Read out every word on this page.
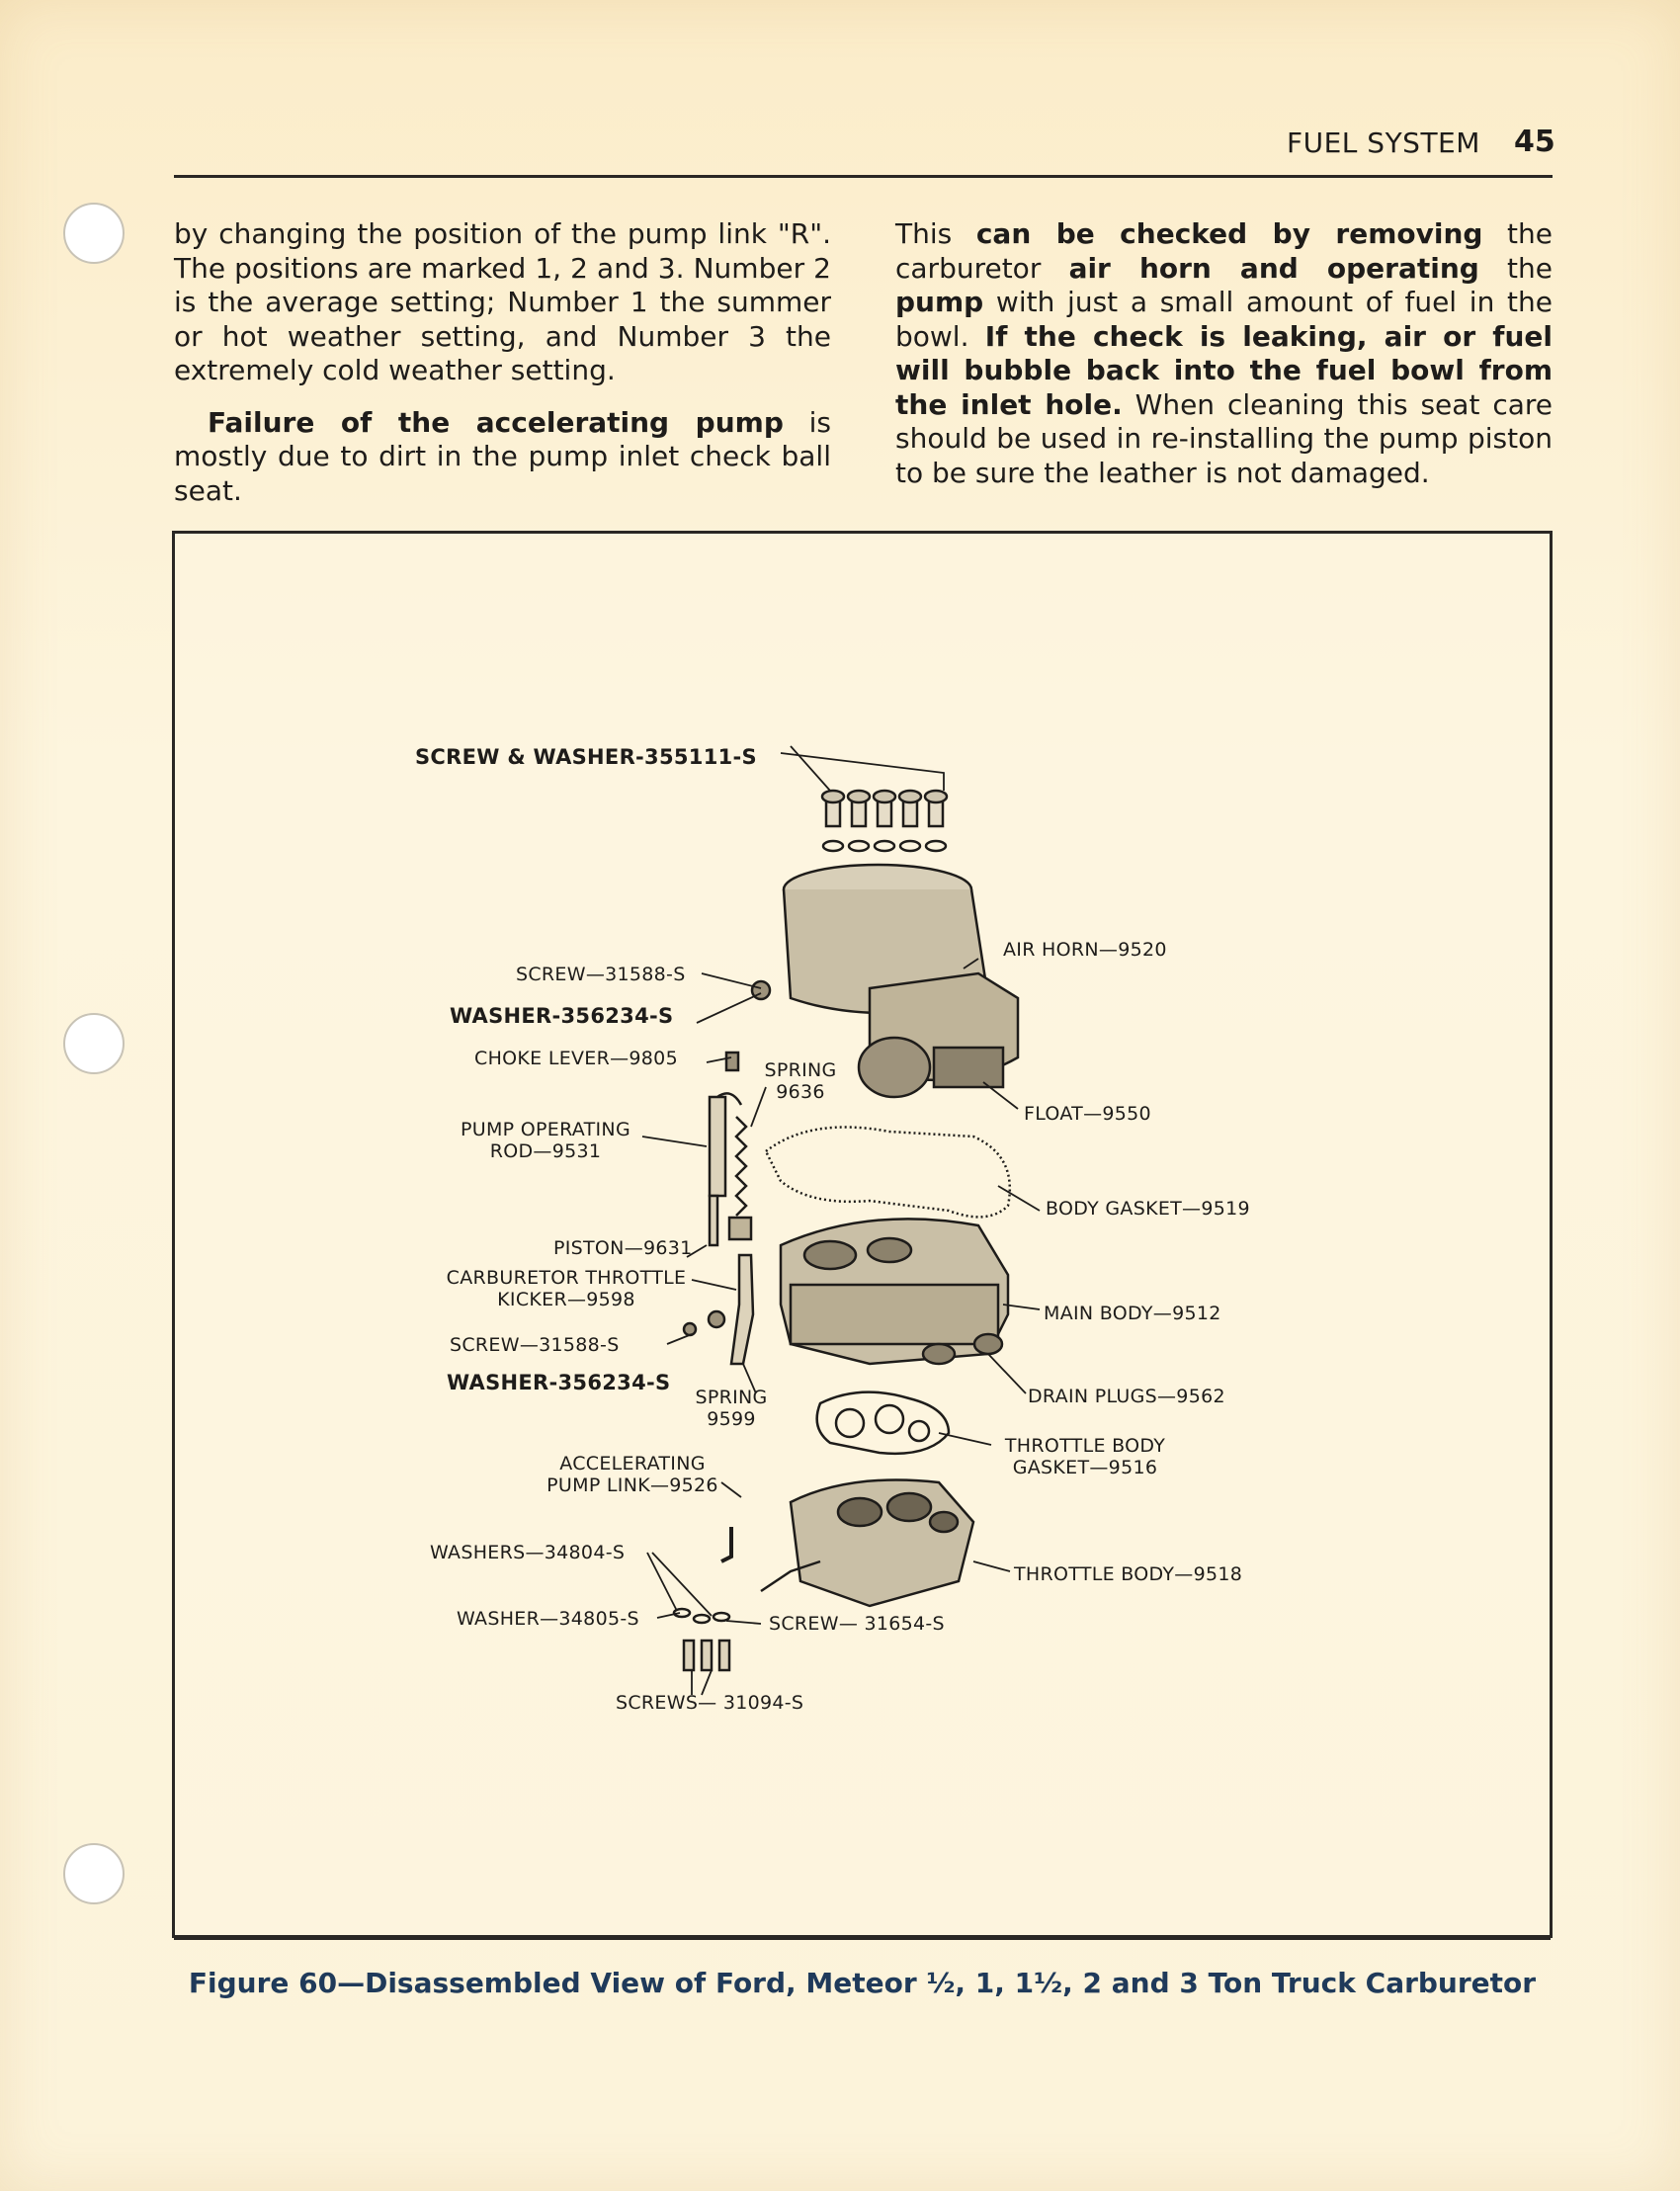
FUEL SYSTEM 45

by changing the position of the pump link "R". The positions are marked 1, 2 and 3. Number 2 is the average setting; Number 1 the summer or hot weather setting, and Number 3 the extremely cold weather setting.

Failure of the accelerating pump is mostly due to dirt in the pump inlet check ball seat.

This can be checked by removing the carburetor air horn and operating the pump with just a small amount of fuel in the bowl. If the check is leaking, air or fuel will bubble back into the fuel bowl from the inlet hole. When cleaning this seat care should be used in re-installing the pump piston to be sure the leather is not damaged.

SCREW & WASHER-355111-S
AIR HORN—9520
SCREW—31588-S
WASHER-356234-S
CHOKE LEVER—9805
SPRING
9636
FLOAT—9550
PUMP OPERATING
ROD—9531
BODY GASKET—9519
PISTON—9631
CARBURETOR THROTTLE
KICKER—9598
MAIN BODY—9512
SCREW—31588-S
WASHER-356234-S
SPRING
9599
DRAIN PLUGS—9562
THROTTLE BODY
GASKET—9516
ACCELERATING
PUMP LINK—9526
WASHERS—34804-S
THROTTLE BODY—9518
WASHER—34805-S	SCREW— 31654-S
SCREWS— 31094-S
Figure 60—Disassembled View of Ford, Meteor ½, 1, 1½, 2 and 3 Ton Truck Carburetor
